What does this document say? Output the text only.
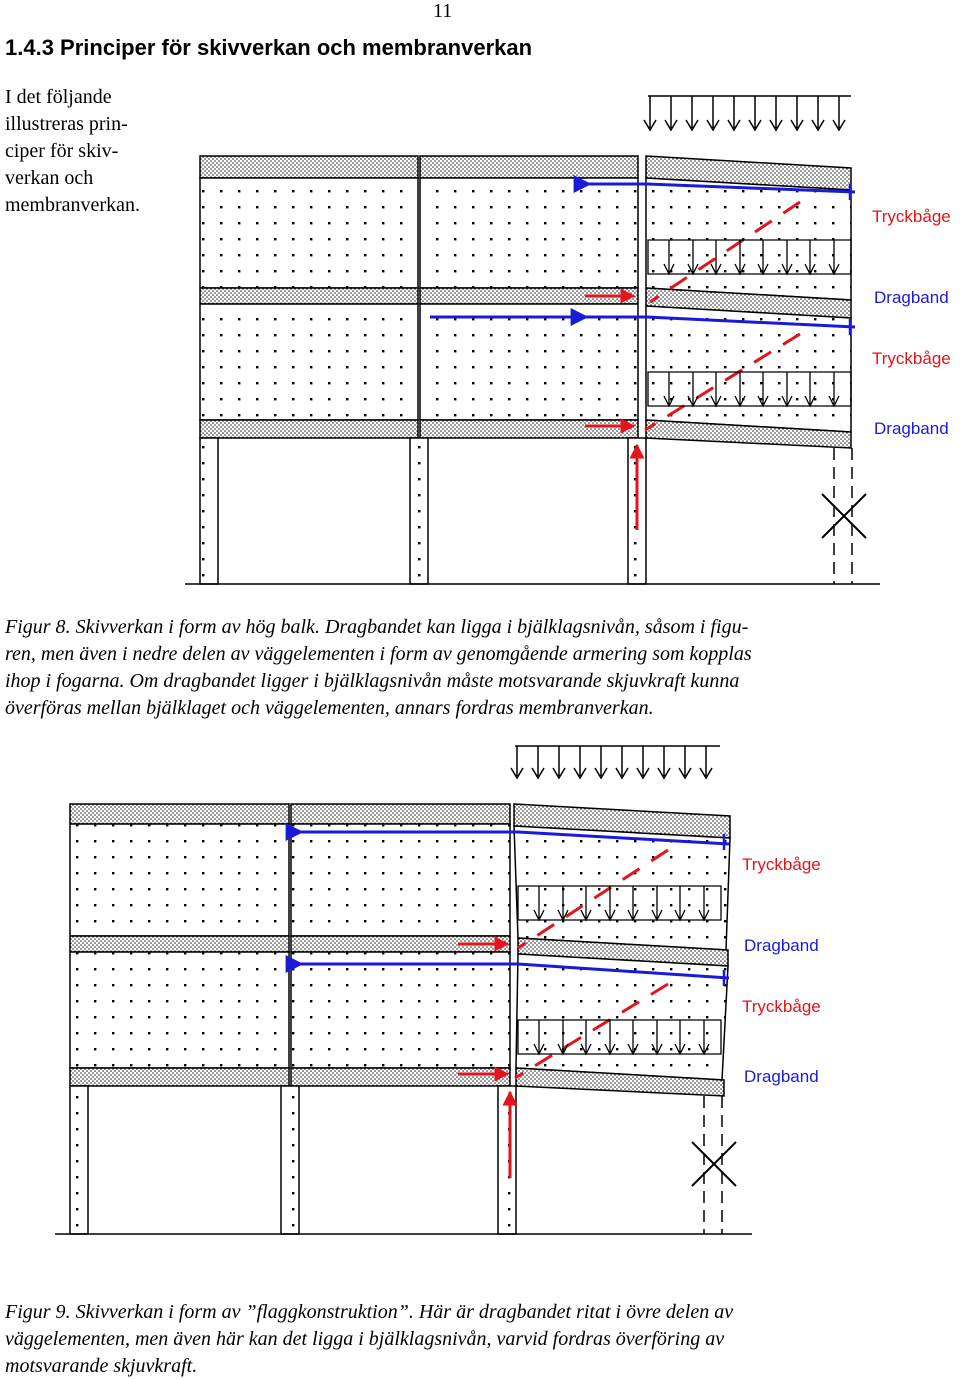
11
1.4.3 Principer för skivverkan och membranverkan
I det följande
illustreras prin-
ciper för skiv-
verkan och
membranverkan.
Tryckbåge
Dragband
Tryckbåge
Dragband
Figur 8. Skivverkan i form av hög balk. Dragbandet kan ligga i bjälklagsnivån, såsom i figu-
ren, men även i nedre delen av väggelementen i form av genomgående armering som kopplas
ihop i fogarna. Om dragbandet ligger i bjälklagsnivån måste motsvarande skjuvkraft kunna
överföras mellan bjälklaget och väggelementen, annars fordras membranverkan.
Tryckbåge
Dragband
Tryckbåge
Dragband
Figur 9. Skivverkan i form av ”flaggkonstruktion”. Här är dragbandet ritat i övre delen av
väggelementen, men även här kan det ligga i bjälklagsnivån, varvid fordras överföring av
motsvarande skjuvkraft.
